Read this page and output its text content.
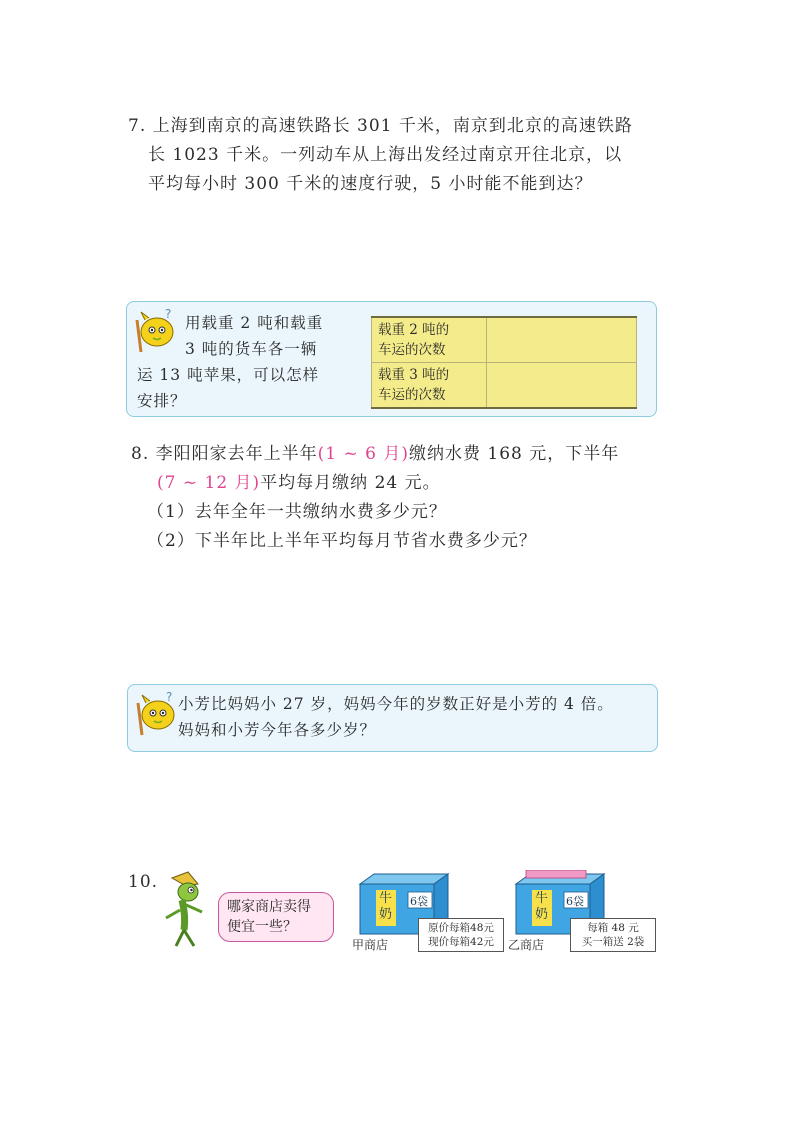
7. 上海到南京的高速铁路长 301 千米，南京到北京的高速铁路
长 1023 千米。一列动车从上海出发经过南京开往北京，以
平均每小时 300 千米的速度行驶，5 小时能不能到达？
? 用载重 2 吨和载重
3 吨的货车各一辆
运 13 吨苹果，可以怎样
安排？
载重 2 吨的
车运的次数	

载重 3 吨的
车运的次数	

8. 李阳阳家去年上半年(1 ~ 6 月)缴纳水费 168 元，下半年
(7 ~ 12 月)平均每月缴纳 24 元。
（1）去年全年一共缴纳水费多少元？
（2）下半年比上半年平均每月节省水费多少元？
? 小芳比妈妈小 27 岁，妈妈今年的岁数正好是小芳的 4 倍。
妈妈和小芳今年各多少岁？
10.
哪家商店卖得
便宜一些？
牛奶
6袋
甲商店
原价每箱48元
现价每箱42元
牛奶
6袋
乙商店
每箱 48 元
买一箱送 2袋
